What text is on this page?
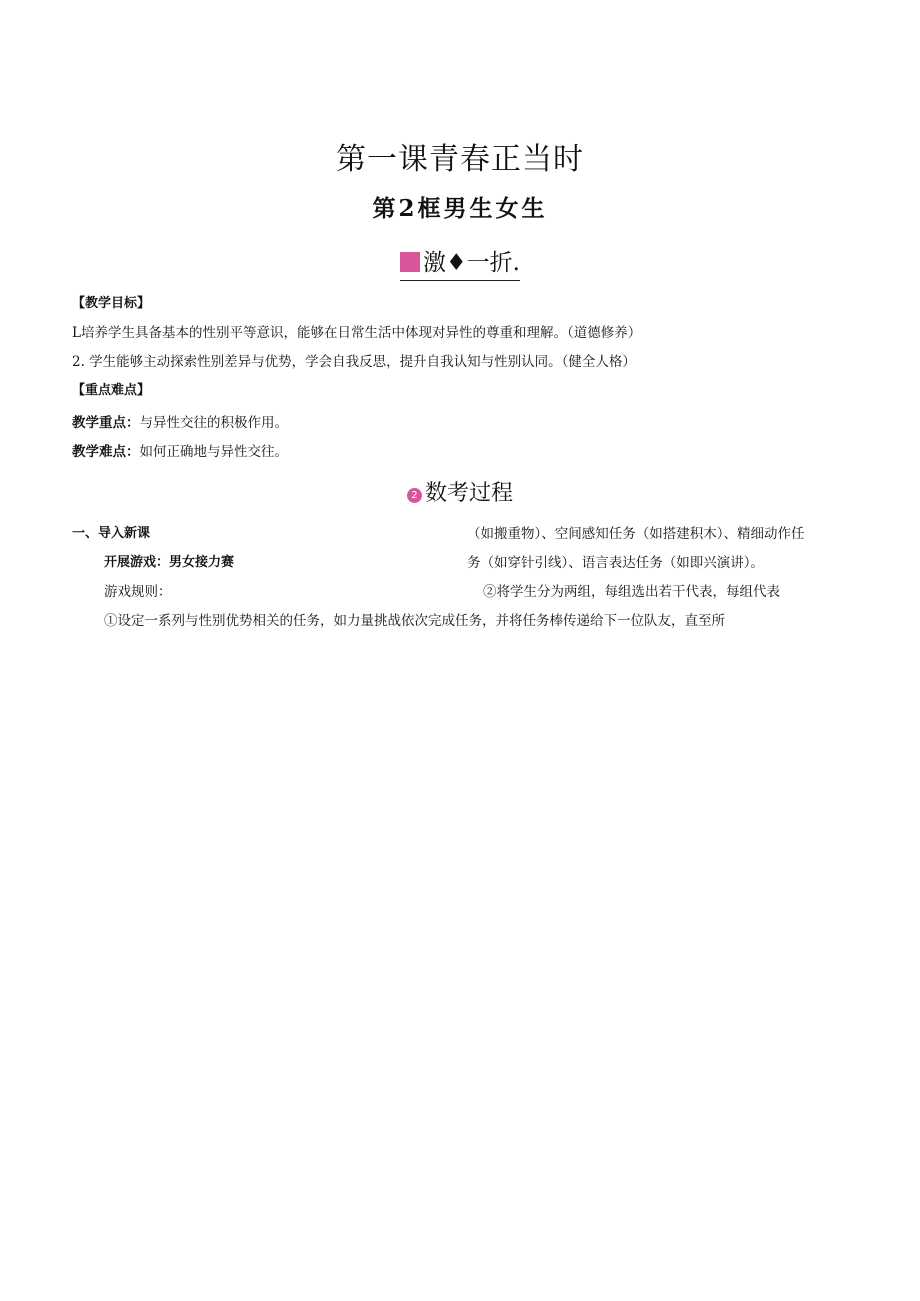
第一课青春正当时
第2框男生女生
激♦一折.
【教学目标】
L培养学生具备基本的性别平等意识，能够在日常生活中体现对异性的尊重和理解。（道德修养）
2. 学生能够主动探索性别差异与优势，学会自我反思，提升自我认知与性别认同。（健全人格）
【重点难点】
教学重点：与异性交往的积极作用。
教学难点：如何正确地与异性交往。
2 数考过程
一、导入新课
开展游戏：男女接力赛
游戏规则：
①设定一系列与性别优势相关的任务，如力量挑战依次完成任务，并将任务棒传递给下一位队友，直至所
（如搬重物）、空间感知任务（如搭建积木）、精细动作任
务（如穿针引线）、语言表达任务（如即兴演讲）。
②将学生分为两组，每组选出若干代表，每组代表
